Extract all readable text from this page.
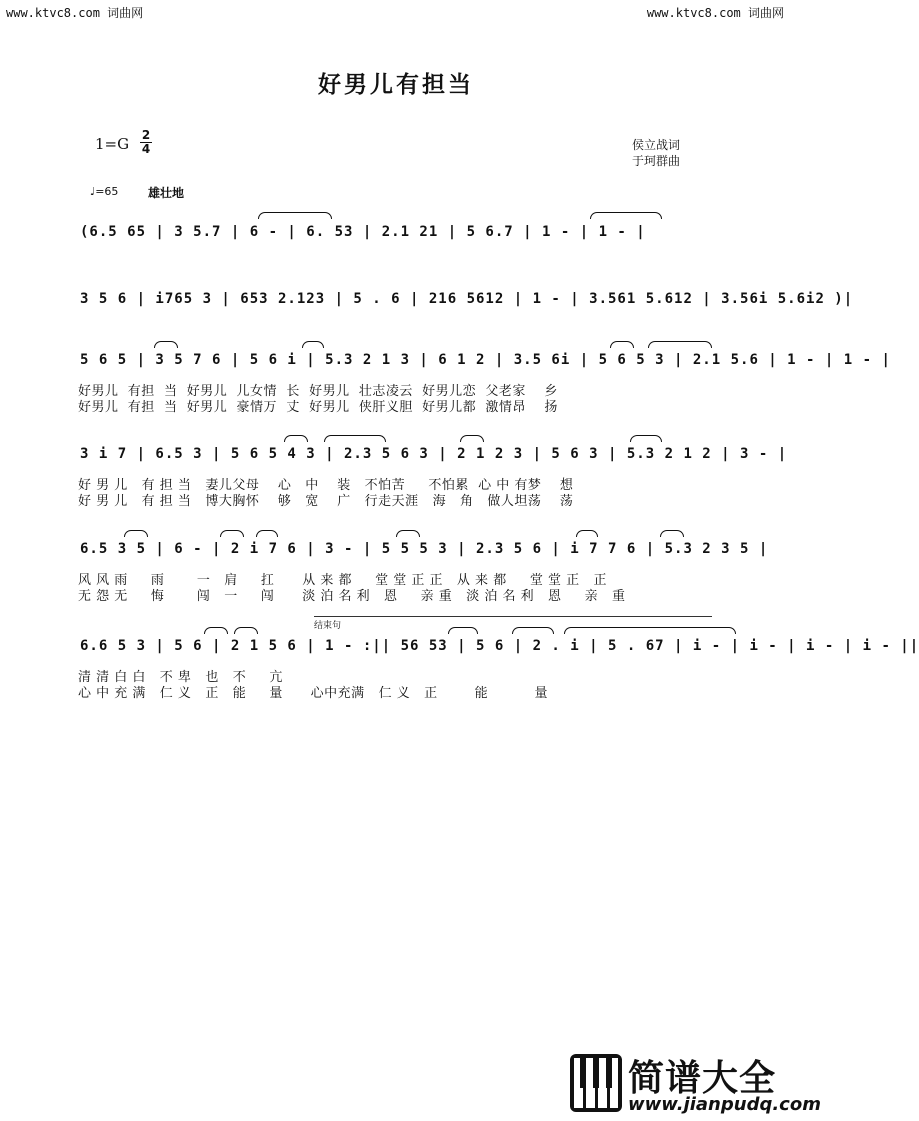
www.ktvc8.com 词曲网	www.ktvc8.com 词曲网
好男儿有担当
1=G 2
4	侯立战词
于珂群曲
♩=65 雄壮地
(6.5 65 | 3 5.7 | 6 - | 6. 53 | 2.1 21 | 5 6.7 | 1 - | 1 - |
3 5 6 | i765 3 | 653 2.123 | 5 . 6 | 216 5612 | 1 - | 3.561 5.612 | 3.56i 5.6i2 )|
5 6 5 | 3 5 7 6 | 5 6 i | 5.3 2 1 3 | 6 1 2 | 3.5 6i | 5 6 5 3 | 2.1 5.6 | 1 - | 1 - |
好男儿  有担  当  好男儿  儿女情  长  好男儿  壮志凌云  好男儿恋  父老家    乡
好男儿  有担  当  好男儿  豪情万  丈  好男儿  侠肝义胆  好男儿都  激情昂    扬
3 i 7 | 6.5 3 | 5 6 5 4 3 | 2.3 5 6 3 | 2 1 2 3 | 5 6 3 | 5.3 2 1 2 | 3 - |
好 男 儿   有 担 当   妻儿父母    心   中    装   不怕苦     不怕累  心 中 有梦    想
好 男 儿   有 担 当   博大胸怀    够   宽    广   行走天涯   海   角   做人坦荡    荡
6.5 3 5 | 6 - | 2 i 7 6 | 3 - | 5 5 5 3 | 2.3 5 6 | i 7 7 6 | 5.3 2 3 5 |
风 风 雨     雨       一   肩     扛      从 来 都     堂 堂 正 正   从 来 都     堂 堂 正   正
无 怨 无     悔       闯   一     闯      淡 泊 名 利   恩     亲 重   淡 泊 名 利   恩     亲   重
结束句
6.6 5 3 | 5 6 | 2 1 5 6 | 1 - :|| 56 53 | 5 6 | 2 . i | 5 . 67 | i - | i - | i - | i - ||
清 清 白 白   不 卑   也   不     亢
心 中 充 满   仁 义   正   能     量      心中充满   仁 义   正        能          量
简谱大全
www.jianpudq.com
